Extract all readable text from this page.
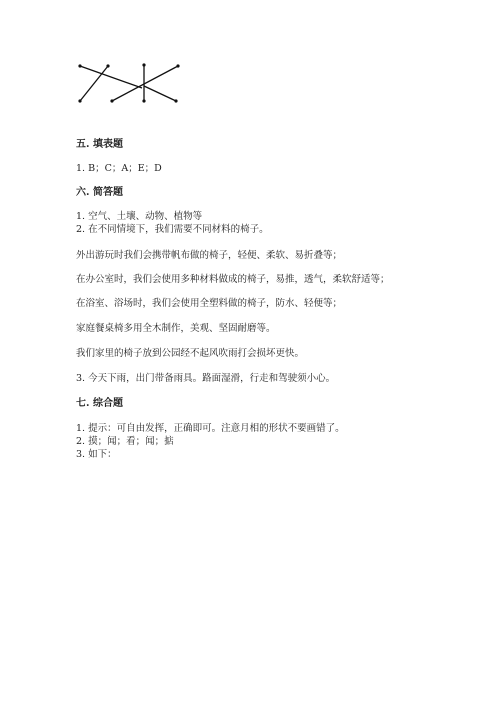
五. 填表题
1. B；C；A；E；D
六. 简答题
1. 空气、土壤、动物、植物等
2. 在不同情境下，我们需要不同材料的椅子。
外出游玩时我们会携带帆布做的椅子，轻便、柔软、易折叠等；
在办公室时，我们会使用多种材料做成的椅子，易推，透气，柔软舒适等；
在浴室、浴场时，我们会使用全塑料做的椅子，防水、轻便等；
家庭餐桌椅多用全木制作，美观、坚固耐磨等。
我们家里的椅子放到公园经不起风吹雨打会损坏更快。
3. 今天下雨，出门带备雨具。路面湿滑，行走和驾驶须小心。
七. 综合题
1. 提示：可自由发挥，正确即可。注意月相的形状不要画错了。
2. 摸；闻；看；闻；掂
3. 如下：
